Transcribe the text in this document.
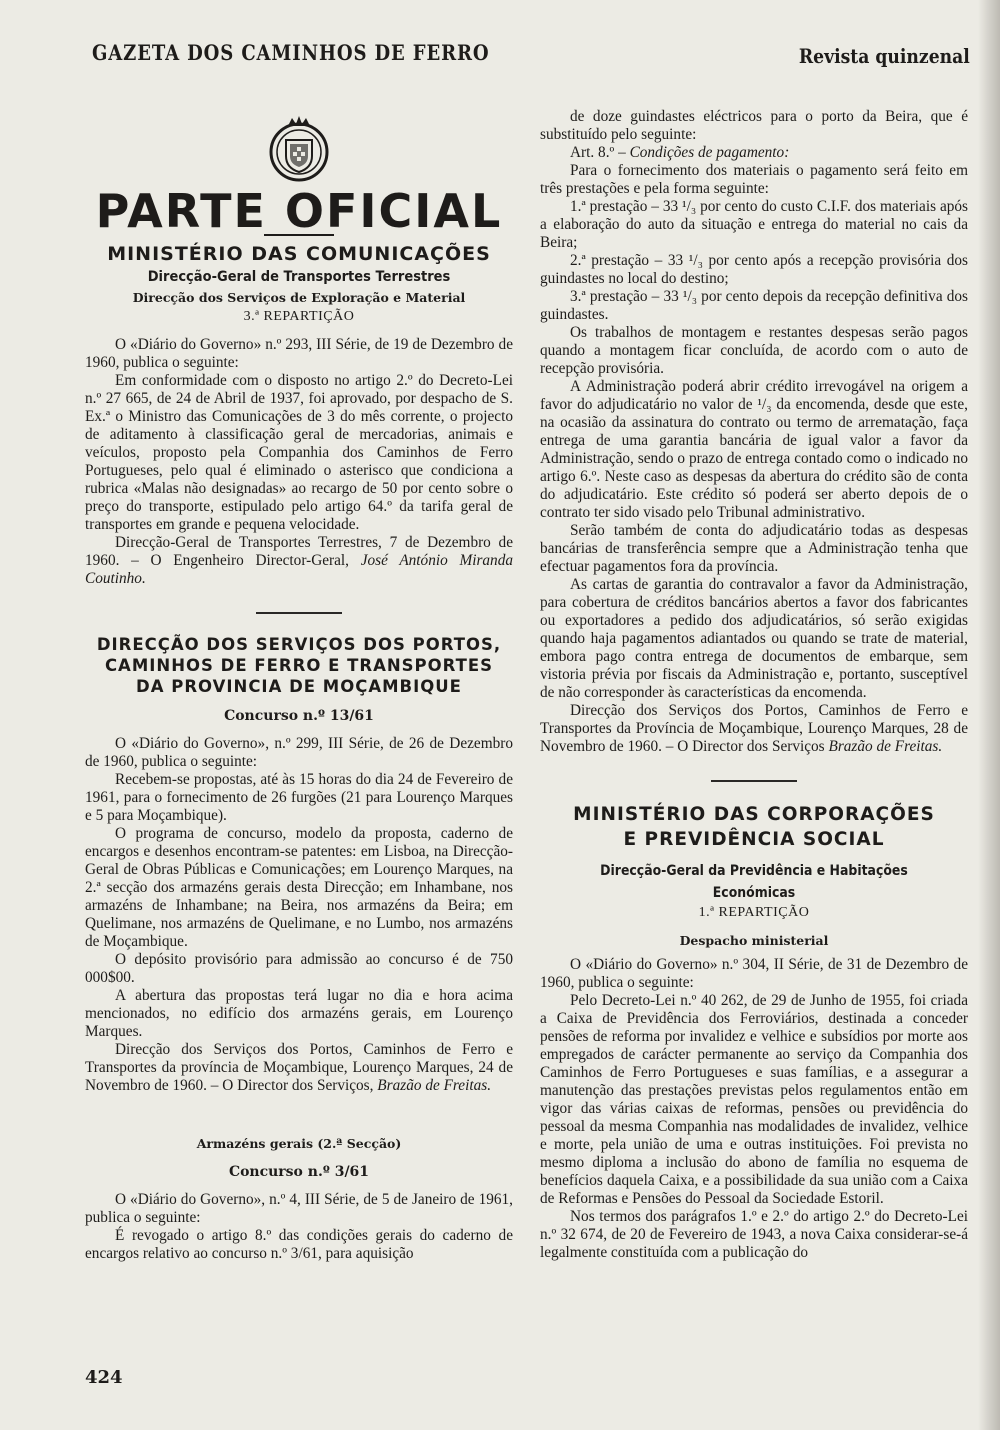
GAZETA DOS CAMINHOS DE FERRO	Revista quinzenal
PARTE OFICIAL
MINISTÉRIO DAS COMUNICAÇÕES
Direcção-Geral de Transportes Terrestres
Direcção dos Serviços de Exploração e Material
3.ª REPARTIÇÃO

O «Diário do Governo» n.º 293, III Série, de 19 de Dezembro de 1960, publica o seguinte:

Em conformidade com o disposto no artigo 2.º do Decreto-Lei n.º 27 665, de 24 de Abril de 1937, foi aprovado, por despacho de S. Ex.ª o Ministro das Comunicações de 3 do mês corrente, o projecto de aditamento à classificação geral de mercadorias, animais e veículos, proposto pela Companhia dos Caminhos de Ferro Portugueses, pelo qual é eliminado o asterisco que condiciona a rubrica «Malas não designadas» ao recargo de 50 por cento sobre o preço do transporte, estipulado pelo artigo 64.º da tarifa geral de transportes em grande e pequena velocidade.

Direcção-Geral de Transportes Terrestres, 7 de Dezembro de 1960. – O Engenheiro Director-Geral, José António Miranda Coutinho.

DIRECÇÃO DOS SERVIÇOS DOS PORTOS,
CAMINHOS DE FERRO E TRANSPORTES
DA PROVINCIA DE MOÇAMBIQUE
Concurso n.º 13/61

O «Diário do Governo», n.º 299, III Série, de 26 de Dezembro de 1960, publica o seguinte:

Recebem-se propostas, até às 15 horas do dia 24 de Fevereiro de 1961, para o fornecimento de 26 furgões (21 para Lourenço Marques e 5 para Moçambique).

O programa de concurso, modelo da proposta, caderno de encargos e desenhos encontram-se patentes: em Lisboa, na Direcção-Geral de Obras Públicas e Comunicações; em Lourenço Marques, na 2.ª secção dos armazéns gerais desta Direcção; em Inhambane, nos armazéns de Inhambane; na Beira, nos armazéns da Beira; em Quelimane, nos armazéns de Quelimane, e no Lumbo, nos armazéns de Moçambique.

O depósito provisório para admissão ao concurso é de 750 000$00.

A abertura das propostas terá lugar no dia e hora acima mencionados, no edifício dos armazéns gerais, em Lourenço Marques.

Direcção dos Serviços dos Portos, Caminhos de Ferro e Transportes da província de Moçambique, Lourenço Marques, 24 de Novembro de 1960. – O Director dos Serviços, Brazão de Freitas.

Armazéns gerais (2.ª Secção)
Concurso n.º 3/61

O «Diário do Governo», n.º 4, III Série, de 5 de Janeiro de 1961, publica o seguinte:

É revogado o artigo 8.º das condições gerais do caderno de encargos relativo ao concurso n.º 3/61, para aquisição

de doze guindastes eléctricos para o porto da Beira, que é substituído pelo seguinte:

Art. 8.º – Condições de pagamento:

Para o fornecimento dos materiais o pagamento será feito em três prestações e pela forma seguinte:

1.ª prestação – 33 ¹/₃ por cento do custo C.I.F. dos materiais após a elaboração do auto da situação e entrega do material no cais da Beira;

2.ª prestação – 33 ¹/₃ por cento após a recepção provisória dos guindastes no local do destino;

3.ª prestação – 33 ¹/₃ por cento depois da recepção definitiva dos guindastes.

Os trabalhos de montagem e restantes despesas serão pagos quando a montagem ficar concluída, de acordo com o auto de recepção provisória.

A Administração poderá abrir crédito irrevogável na origem a favor do adjudicatário no valor de ¹/₃ da encomenda, desde que este, na ocasião da assinatura do contrato ou termo de arrematação, faça entrega de uma garantia bancária de igual valor a favor da Administração, sendo o prazo de entrega contado como o indicado no artigo 6.º. Neste caso as despesas da abertura do crédito são de conta do adjudicatário. Este crédito só poderá ser aberto depois de o contrato ter sido visado pelo Tribunal administrativo.

Serão também de conta do adjudicatário todas as despesas bancárias de transferência sempre que a Administração tenha que efectuar pagamentos fora da província.

As cartas de garantia do contravalor a favor da Administração, para cobertura de créditos bancários abertos a favor dos fabricantes ou exportadores a pedido dos adjudicatários, só serão exigidas quando haja pagamentos adiantados ou quando se trate de material, embora pago contra entrega de documentos de embarque, sem vistoria prévia por fiscais da Administração e, portanto, susceptível de não corresponder às características da encomenda.

Direcção dos Serviços dos Portos, Caminhos de Ferro e Transportes da Província de Moçambique, Lourenço Marques, 28 de Novembro de 1960. – O Director dos Serviços Brazão de Freitas.

MINISTÉRIO DAS CORPORAÇÕES
E PREVIDÊNCIA SOCIAL
Direcção-Geral da Previdência e Habitações Económicas
1.ª REPARTIÇÃO
Despacho ministerial

O «Diário do Governo» n.º 304, II Série, de 31 de Dezembro de 1960, publica o seguinte:

Pelo Decreto-Lei n.º 40 262, de 29 de Junho de 1955, foi criada a Caixa de Previdência dos Ferroviários, destinada a conceder pensões de reforma por invalidez e velhice e subsídios por morte aos empregados de carácter permanente ao serviço da Companhia dos Caminhos de Ferro Portugueses e suas famílias, e a assegurar a manutenção das prestações previstas pelos regulamentos então em vigor das várias caixas de reformas, pensões ou previdência do pessoal da mesma Companhia nas modalidades de invalidez, velhice e morte, pela união de uma e outras instituições. Foi prevista no mesmo diploma a inclusão do abono de família no esquema de benefícios daquela Caixa, e a possibilidade da sua união com a Caixa de Reformas e Pensões do Pessoal da Sociedade Estoril.

Nos termos dos parágrafos 1.º e 2.º do artigo 2.º do Decreto-Lei n.º 32 674, de 20 de Fevereiro de 1943, a nova Caixa considerar-se-á legalmente constituída com a publicação do

424
